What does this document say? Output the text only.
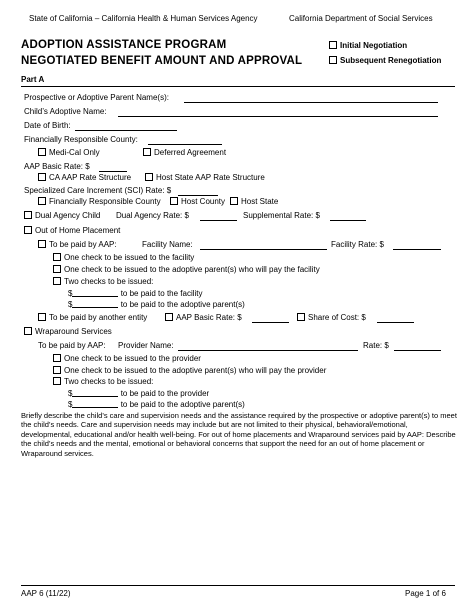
State of California – California Health & Human Services Agency	California Department of Social Services
ADOPTION ASSISTANCE PROGRAM
NEGOTIATED BENEFIT AMOUNT AND APPROVAL
Initial Negotiation
Subsequent Renegotiation
Part A
Prospective or Adoptive Parent Name(s):
Child’s Adoptive Name:
Date of Birth:
Financially Responsible County:
Medi-Cal Only	Deferred Agreement
AAP Basic Rate: $
CA AAP Rate Structure	Host State AAP Rate Structure
Specialized Care Increment (SCI) Rate: $
Financially Responsible County	Host County	Host State
Dual Agency Child Dual Agency Rate: $	Supplemental Rate: $
Out of Home Placement
To be paid by AAP:	Facility Name:	Facility Rate: $
One check to be issued to the facility
One check to be issued to the adoptive parent(s) who will pay the facility
Two checks to be issued:
$	to be paid to the facility
$	to be paid to the adoptive parent(s)
To be paid by another entity	AAP Basic Rate: $	Share of Cost: $
Wraparound Services
To be paid by AAP: Provider Name:	Rate: $
One check to be issued to the provider
One check to be issued to the adoptive parent(s) who will pay the provider
Two checks to be issued:
$	to be paid to the provider
$	to be paid to the adoptive parent(s)
Briefly describe the child’s care and supervision needs and the assistance required by the prospective or adoptive parent(s) to meet the child’s needs. Care and supervision needs may include but are not limited to their physical, behavioral/emotional, developmental, educational and/or health well-being. For out of home placements and Wraparound services paid by AAP: Describe the child’s needs and the mental, emotional or behavioral concerns that support the need for an out of home placement or Wraparound services.
AAP 6 (11/22)	Page 1 of 6
